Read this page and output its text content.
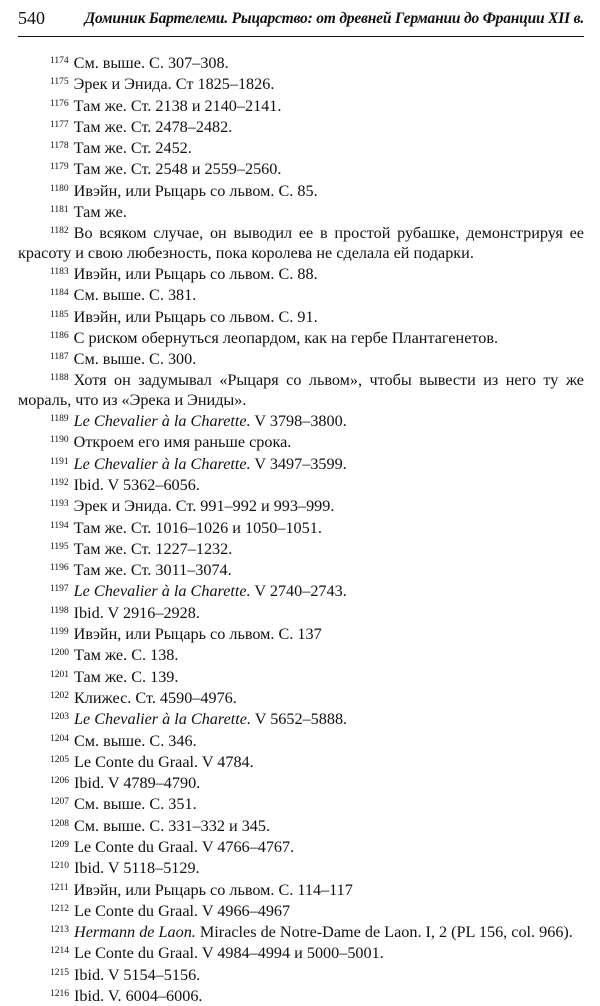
540	Доминик Бартелеми. Рыцарство: от древней Германии до Франции XII в.

$^{1174}$ См. выше. С. 307–308.

$^{1175}$ Эрек и Энида. Ст 1825–1826.

$^{1176}$ Там же. Ст. 2138 и 2140–2141.

$^{1177}$ Там же. Ст. 2478–2482.

$^{1178}$ Там же. Ст. 2452.

$^{1179}$ Там же. Ст. 2548 и 2559–2560.

$^{1180}$ Ивэйн, или Рыцарь со львом. С. 85.

$^{1181}$ Там же.

$^{1182}$ Во всяком случае, он выводил ее в простой рубашке, демонстрируя ее красоту и свою любезность, пока королева не сделала ей подарки.

$^{1183}$ Ивэйн, или Рыцарь со львом. С. 88.

$^{1184}$ См. выше. С. 381.

$^{1185}$ Ивэйн, или Рыцарь со львом. С. 91.

$^{1186}$ С риском обернуться леопардом, как на гербе Плантагенетов.

$^{1187}$ См. выше. С. 300.

$^{1188}$ Хотя он задумывал «Рыцаря со львом», чтобы вывести из него ту же мораль, что из «Эрека и Эниды».

$^{1189}$ Le Chevalier à la Charette. V 3798–3800.

$^{1190}$ Откроем его имя раньше срока.

$^{1191}$ Le Chevalier à la Charette. V 3497–3599.

$^{1192}$ Ibid. V 5362–6056.

$^{1193}$ Эрек и Энида. Ст. 991–992 и 993–999.

$^{1194}$ Там же. Ст. 1016–1026 и 1050–1051.

$^{1195}$ Там же. Ст. 1227–1232.

$^{1196}$ Там же. Ст. 3011–3074.

$^{1197}$ Le Chevalier à la Charette. V 2740–2743.

$^{1198}$ Ibid. V 2916–2928.

$^{1199}$ Ивэйн, или Рыцарь со львом. С. 137

$^{1200}$ Там же. С. 138.

$^{1201}$ Там же. С. 139.

$^{1202}$ Клижес. Ст. 4590–4976.

$^{1203}$ Le Chevalier à la Charette. V 5652–5888.

$^{1204}$ См. выше. С. 346.

$^{1205}$ Le Conte du Graal. V 4784.

$^{1206}$ Ibid. V 4789–4790.

$^{1207}$ См. выше. С. 351.

$^{1208}$ См. выше. С. 331–332 и 345.

$^{1209}$ Le Conte du Graal. V 4766–4767.

$^{1210}$ Ibid. V 5118–5129.

$^{1211}$ Ивэйн, или Рыцарь со львом. С. 114–117

$^{1212}$ Le Conte du Graal. V 4966–4967

$^{1213}$ Hermann de Laon. Miracles de Notre-Dame de Laon. I, 2 (PL 156, col. 966).

$^{1214}$ Le Conte du Graal. V 4984–4994 и 5000–5001.

$^{1215}$ Ibid. V 5154–5156.

$^{1216}$ Ibid. V. 6004–6006.
